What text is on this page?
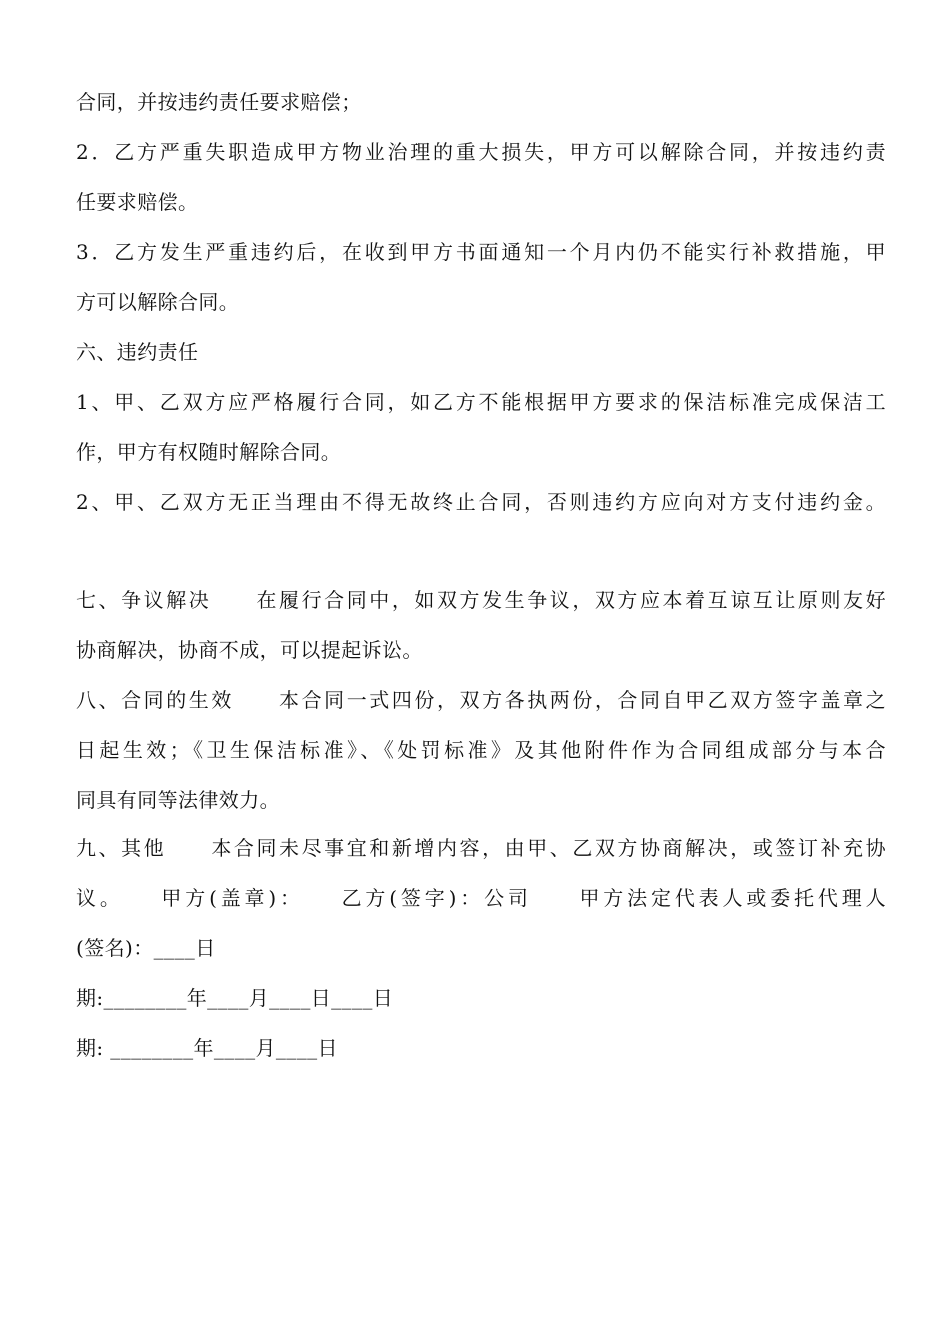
合同，并按违约责任要求赔偿；
2．乙方严重失职造成甲方物业治理的重大损失，甲方可以解除合同，并按违约责
任要求赔偿。
3．乙方发生严重违约后，在收到甲方书面通知一个月内仍不能实行补救措施，甲
方可以解除合同。
六、违约责任
1、甲、乙双方应严格履行合同，如乙方不能根据甲方要求的保洁标准完成保洁工
作，甲方有权随时解除合同。
2、甲、乙双方无正当理由不得无故终止合同，否则违约方应向对方支付违约金。
七、争议解决　　在履行合同中，如双方发生争议，双方应本着互谅互让原则友好
协商解决，协商不成，可以提起诉讼。
八、合同的生效　　本合同一式四份，双方各执两份，合同自甲乙双方签字盖章之
日起生效；《卫生保洁标准》、《处罚标准》及其他附件作为合同组成部分与本合
同具有同等法律效力。
九、其他　　本合同未尽事宜和新增内容，由甲、乙双方协商解决，或签订补充协
议。　　甲方(盖章)：　　乙方(签字)：公司　　甲方法定代表人或委托代理人
(签名)：____日
期:________年____月____日____日
期: ________年____月____日
